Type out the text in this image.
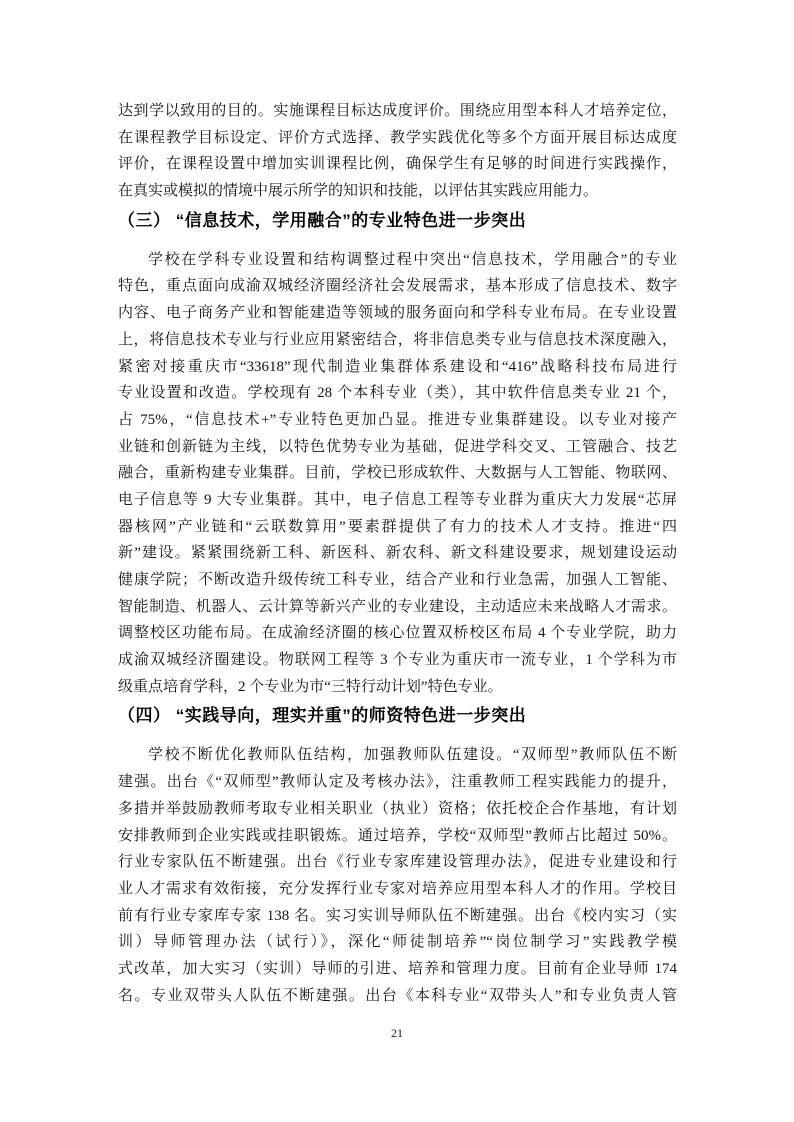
达到学以致用的目的。实施课程目标达成度评价。围绕应用型本科人才培养定位，
在课程教学目标设定、评价方式选择、教学实践优化等多个方面开展目标达成度
评价，在课程设置中增加实训课程比例，确保学生有足够的时间进行实践操作，
在真实或模拟的情境中展示所学的知识和技能，以评估其实践应用能力。
（三） “信息技术，学用融合”的专业特色进一步突出
学校在学科专业设置和结构调整过程中突出“信息技术，学用融合”的专业
特色，重点面向成渝双城经济圈经济社会发展需求，基本形成了信息技术、数字
内容、电子商务产业和智能建造等领域的服务面向和学科专业布局。在专业设置
上，将信息技术专业与行业应用紧密结合，将非信息类专业与信息技术深度融入，
紧密对接重庆市“33618”现代制造业集群体系建设和“416”战略科技布局进行
专业设置和改造。学校现有 28 个本科专业（类），其中软件信息类专业 21 个，
占 75%，“信息技术+”专业特色更加凸显。推进专业集群建设。以专业对接产
业链和创新链为主线，以特色优势专业为基础，促进学科交叉、工管融合、技艺
融合，重新构建专业集群。目前，学校已形成软件、大数据与人工智能、物联网、
电子信息等 9 大专业集群。其中，电子信息工程等专业群为重庆大力发展“芯屏
器核网”产业链和“云联数算用”要素群提供了有力的技术人才支持。推进“四
新”建设。紧紧围绕新工科、新医科、新农科、新文科建设要求，规划建设运动
健康学院；不断改造升级传统工科专业，结合产业和行业急需，加强人工智能、
智能制造、机器人、云计算等新兴产业的专业建设，主动适应未来战略人才需求。
调整校区功能布局。在成渝经济圈的核心位置双桥校区布局 4 个专业学院，助力
成渝双城经济圈建设。物联网工程等 3 个专业为重庆市一流专业，1 个学科为市
级重点培育学科，2 个专业为市“三特行动计划”特色专业。
（四） “实践导向，理实并重”的师资特色进一步突出
学校不断优化教师队伍结构，加强教师队伍建设。“双师型”教师队伍不断
建强。出台《“双师型”教师认定及考核办法》，注重教师工程实践能力的提升，
多措并举鼓励教师考取专业相关职业（执业）资格；依托校企合作基地，有计划
安排教师到企业实践或挂职锻炼。通过培养，学校“双师型”教师占比超过 50%。
行业专家队伍不断建强。出台《行业专家库建设管理办法》，促进专业建设和行
业人才需求有效衔接，充分发挥行业专家对培养应用型本科人才的作用。学校目
前有行业专家库专家 138 名。实习实训导师队伍不断建强。出台《校内实习（实
训）导师管理办法（试行）》，深化“师徒制培养”“岗位制学习”实践教学模
式改革，加大实习（实训）导师的引进、培养和管理力度。目前有企业导师 174
名。专业双带头人队伍不断建强。出台《本科专业“双带头人”和专业负责人管
21
